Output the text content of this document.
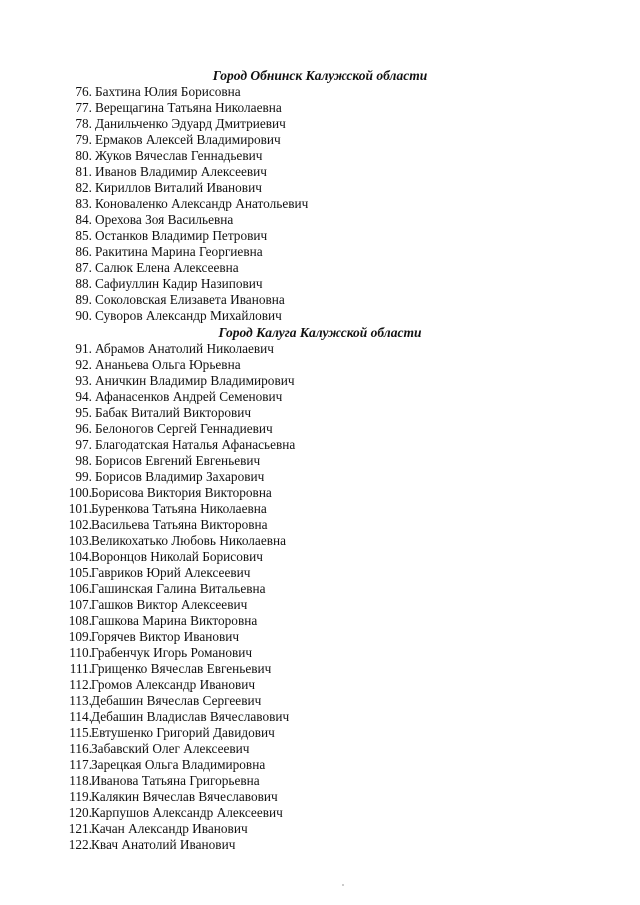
Город Обнинск Калужской области
76. Бахтина Юлия Борисовна
77. Верещагина Татьяна Николаевна
78. Данильченко Эдуард Дмитриевич
79. Ермаков Алексей Владимирович
80. Жуков Вячеслав Геннадьевич
81. Иванов Владимир Алексеевич
82. Кириллов Виталий Иванович
83. Коноваленко Александр Анатольевич
84. Орехова Зоя Васильевна
85. Останков Владимир Петрович
86. Ракитина Марина Георгиевна
87. Салюк Елена Алексеевна
88. Сафиуллин Кадир Назипович
89. Соколовская Елизавета Ивановна
90. Суворов Александр Михайлович
Город Калуга Калужской области
91. Абрамов Анатолий Николаевич
92. Ананьева Ольга Юрьевна
93. Аничкин Владимир Владимирович
94. Афанасенков Андрей Семенович
95. Бабак Виталий Викторович
96. Белоногов Сергей Геннадиевич
97. Благодатская Наталья Афанасьевна
98. Борисов Евгений Евгеньевич
99. Борисов Владимир Захарович
100. Борисова Виктория Викторовна
101. Буренкова Татьяна Николаевна
102. Васильева Татьяна Викторовна
103. Великохатько Любовь Николаевна
104. Воронцов Николай Борисович
105. Гавриков Юрий Алексеевич
106. Гашинская Галина Витальевна
107. Гашков Виктор Алексеевич
108. Гашкова Марина Викторовна
109. Горячев Виктор Иванович
110. Грабенчук Игорь Романович
111. Грищенко Вячеслав Евгеньевич
112. Громов Александр Иванович
113. Дебашин Вячеслав Сергеевич
114. Дебашин Владислав Вячеславович
115. Евтушенко Григорий Давидович
116. Забавский Олег Алексеевич
117. Зарецкая Ольга Владимировна
118. Иванова Татьяна Григорьевна
119. Калякин Вячеслав Вячеславович
120. Карпушов Александр Алексеевич
121. Качан Александр Иванович
122. Квач Анатолий Иванович
